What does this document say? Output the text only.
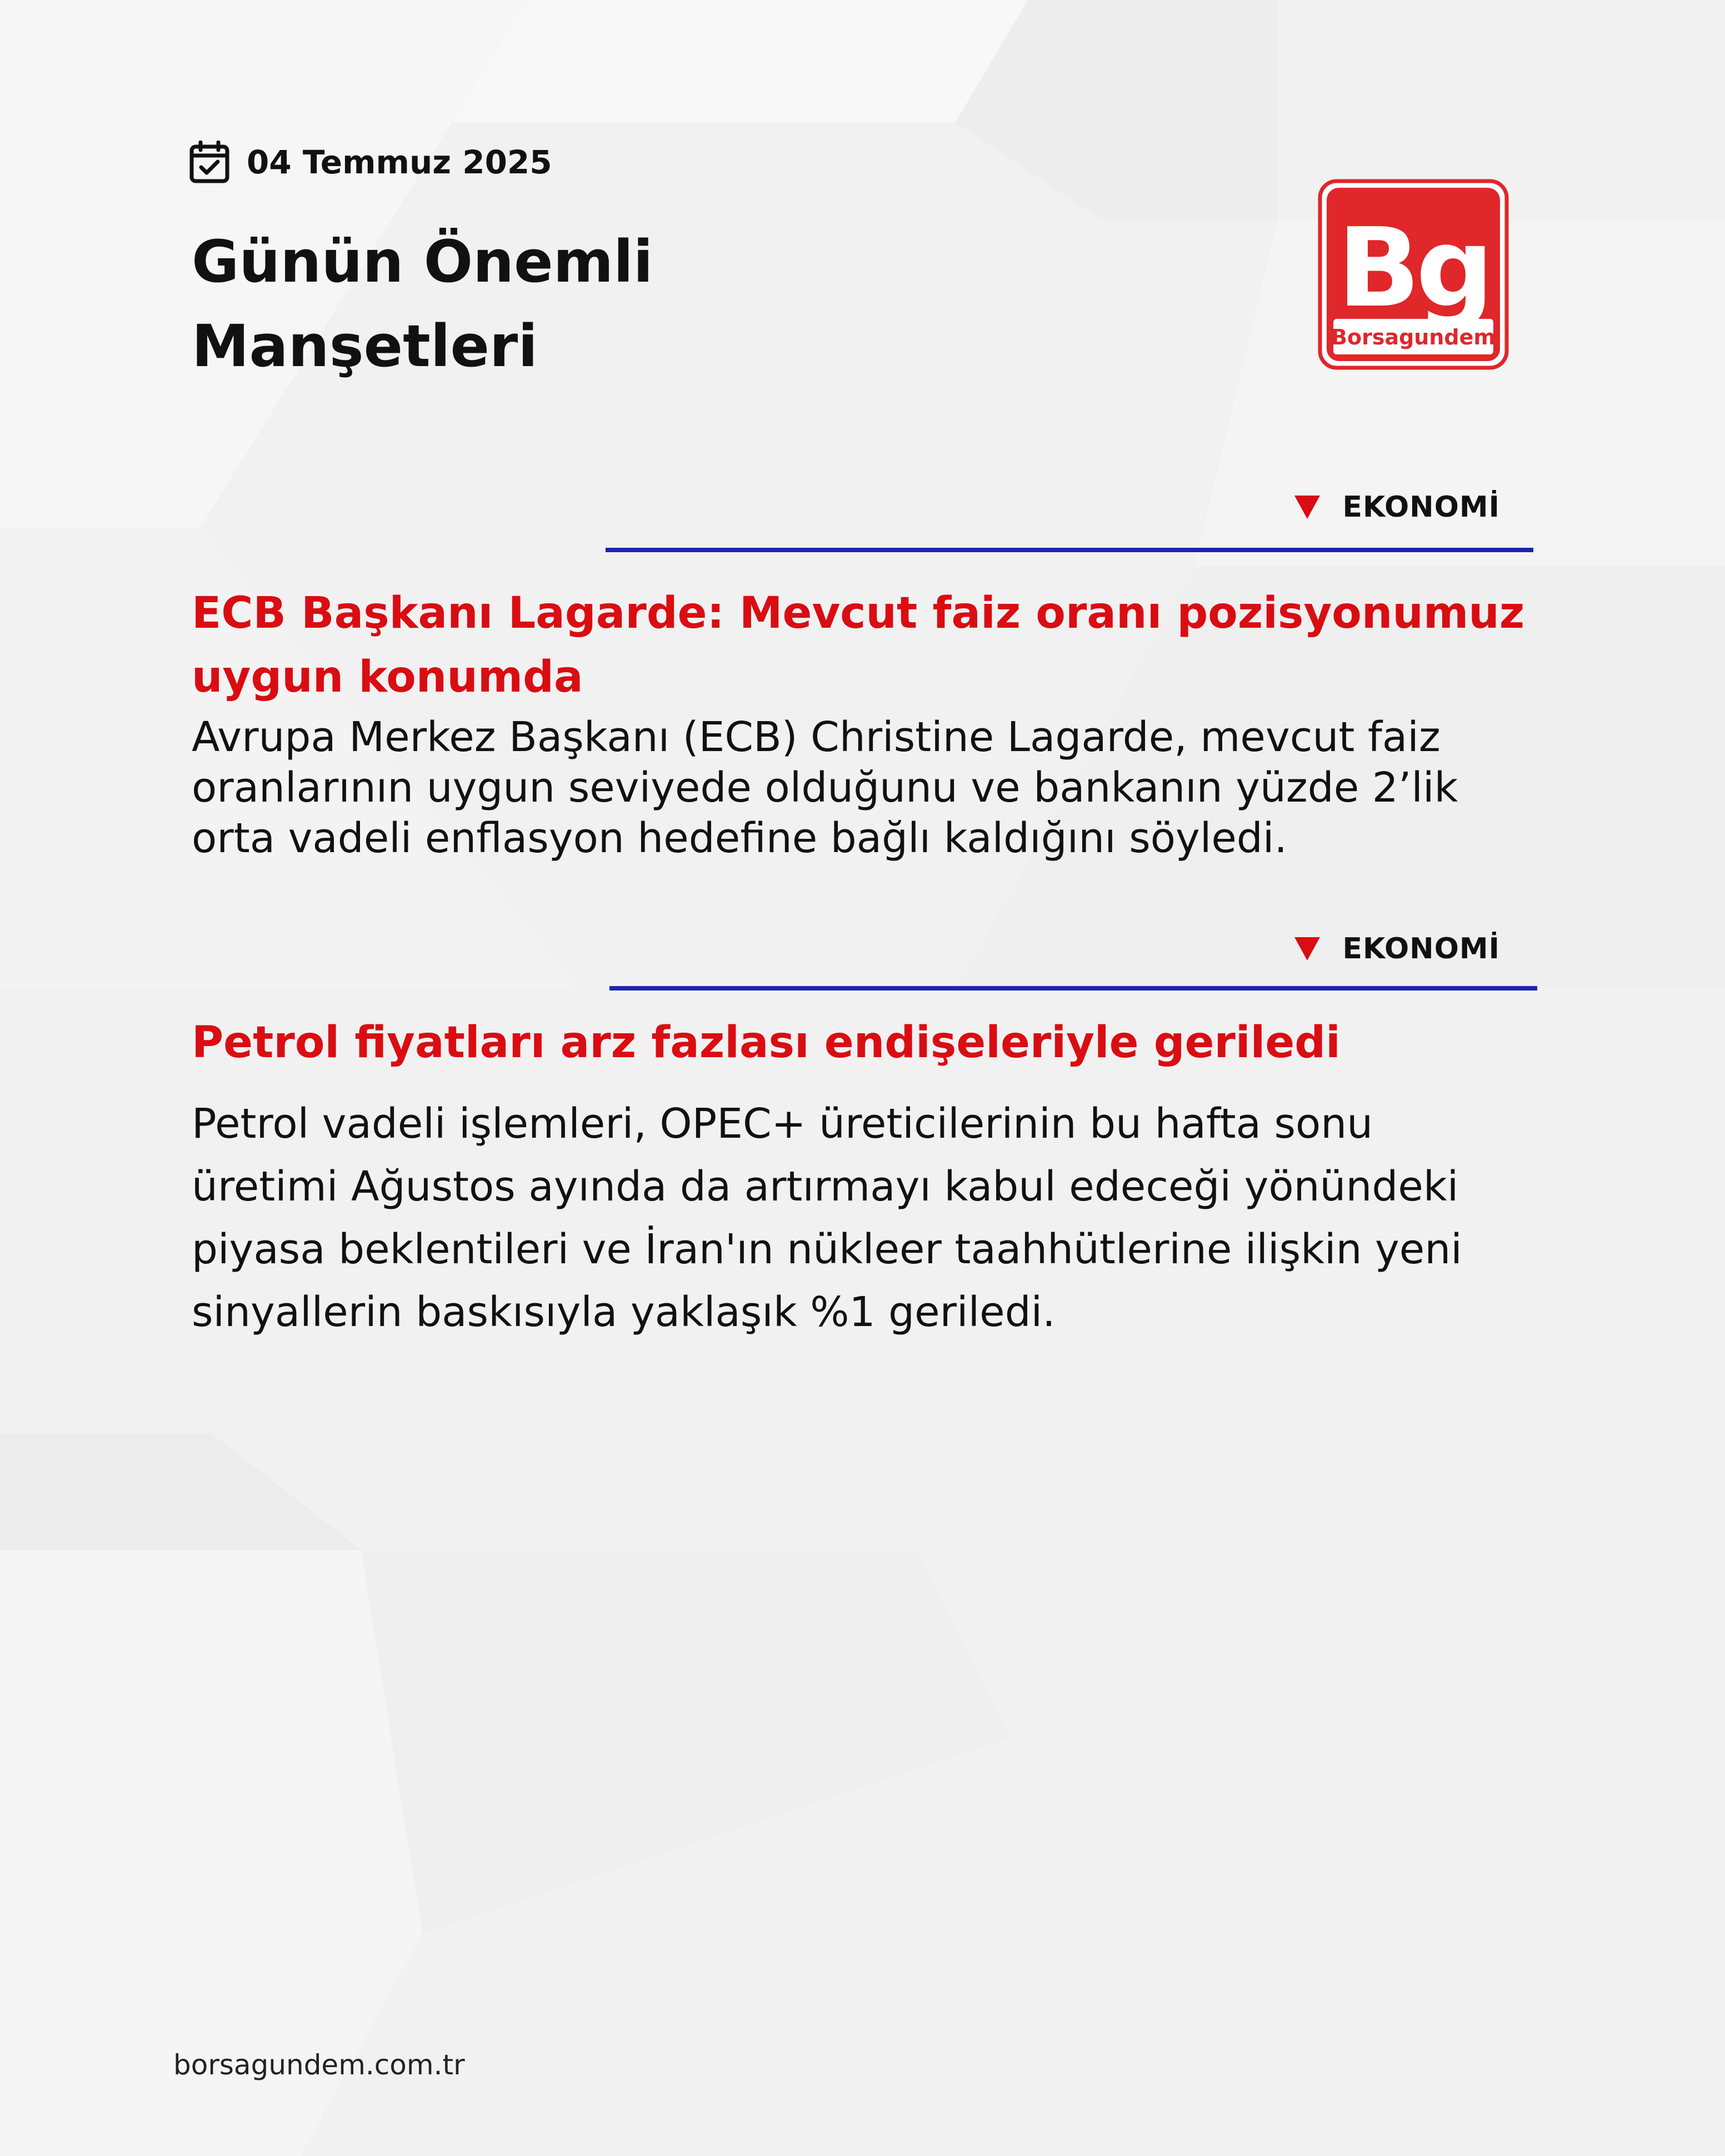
04 Temmuz 2025
Günün Önemli
Manşetleri
Bg
Borsagundem
EKONOMİ
ECB Başkanı Lagarde: Mevcut faiz oranı pozisyonumuz uygun konumda
Avrupa Merkez Başkanı (ECB) Christine Lagarde, mevcut faiz oranlarının uygun seviyede olduğunu ve bankanın yüzde 2’lik orta vadeli enflasyon hedefine bağlı kaldığını söyledi.
EKONOMİ
Petrol fiyatları arz fazlası endişeleriyle geriledi
Petrol vadeli işlemleri, OPEC+ üreticilerinin bu hafta sonu üretimi Ağustos ayında da artırmayı kabul edeceği yönündeki piyasa beklentileri ve İran'ın nükleer taahhütlerine ilişkin yeni sinyallerin baskısıyla yaklaşık %1 geriledi.
borsagundem.com.tr
